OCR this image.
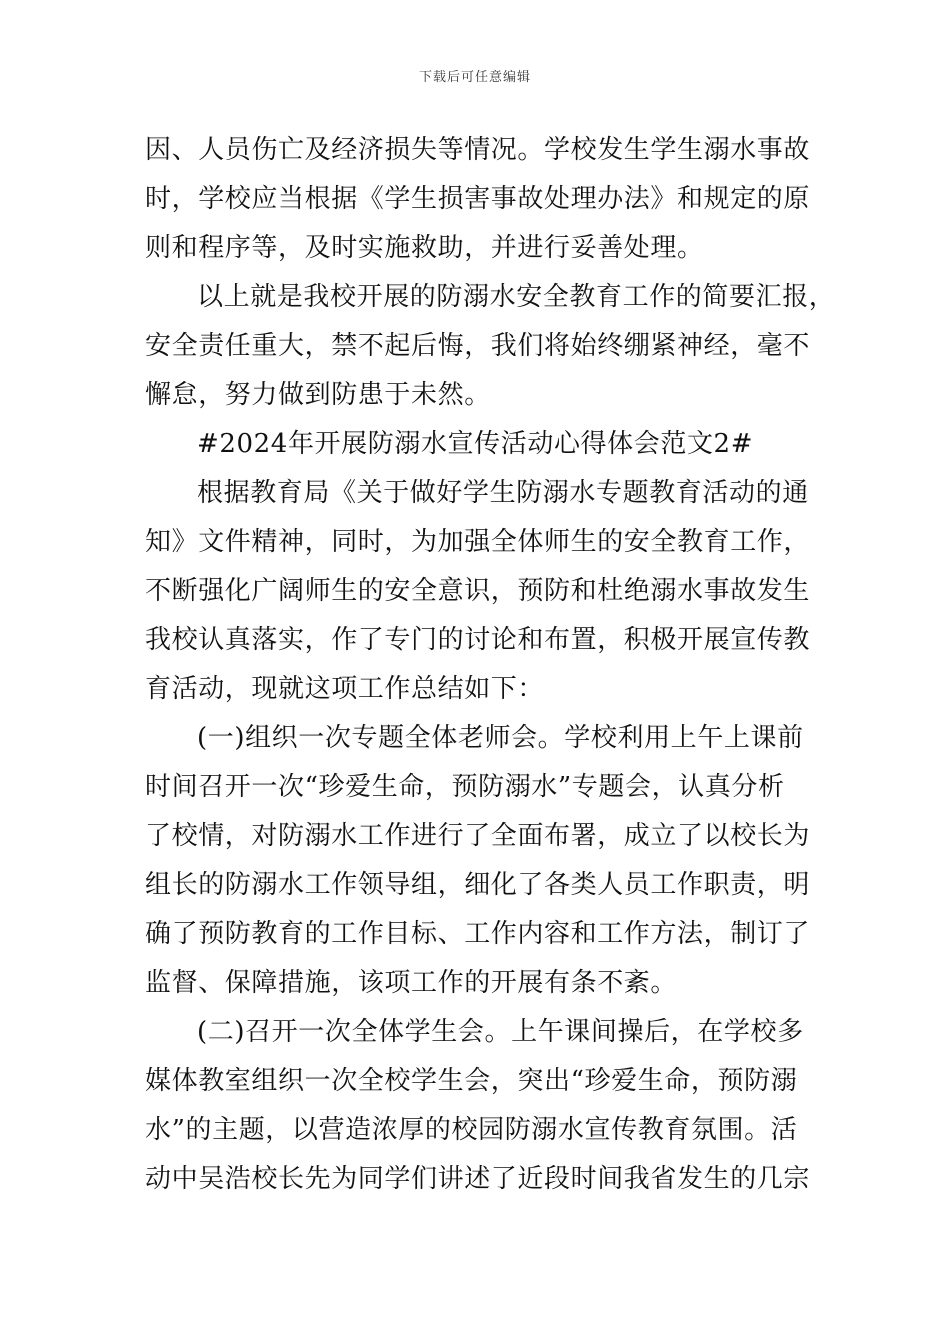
下载后可任意编辑
因、人员伤亡及经济损失等情况。学校发生学生溺水事故
时，学校应当根据《学生损害事故处理办法》和规定的原
则和程序等，及时实施救助，并进行妥善处理。
以上就是我校开展的防溺水安全教育工作的简要汇报，
安全责任重大，禁不起后悔，我们将始终绷紧神经，毫不
懈怠，努力做到防患于未然。
#2024年开展防溺水宣传活动心得体会范文2#
根据教育局《关于做好学生防溺水专题教育活动的通
知》文件精神，同时，为加强全体师生的安全教育工作，
不断强化广阔师生的安全意识，预防和杜绝溺水事故发生
我校认真落实，作了专门的讨论和布置，积极开展宣传教
育活动，现就这项工作总结如下：
(一)组织一次专题全体老师会。学校利用上午上课前
时间召开一次“珍爱生命，预防溺水”专题会，认真分析
了校情，对防溺水工作进行了全面布署，成立了以校长为
组长的防溺水工作领导组，细化了各类人员工作职责，明
确了预防教育的工作目标、工作内容和工作方法，制订了
监督、保障措施，该项工作的开展有条不紊。
(二)召开一次全体学生会。上午课间操后，在学校多
媒体教室组织一次全校学生会，突出“珍爱生命，预防溺
水”的主题，以营造浓厚的校园防溺水宣传教育氛围。活
动中吴浩校长先为同学们讲述了近段时间我省发生的几宗
